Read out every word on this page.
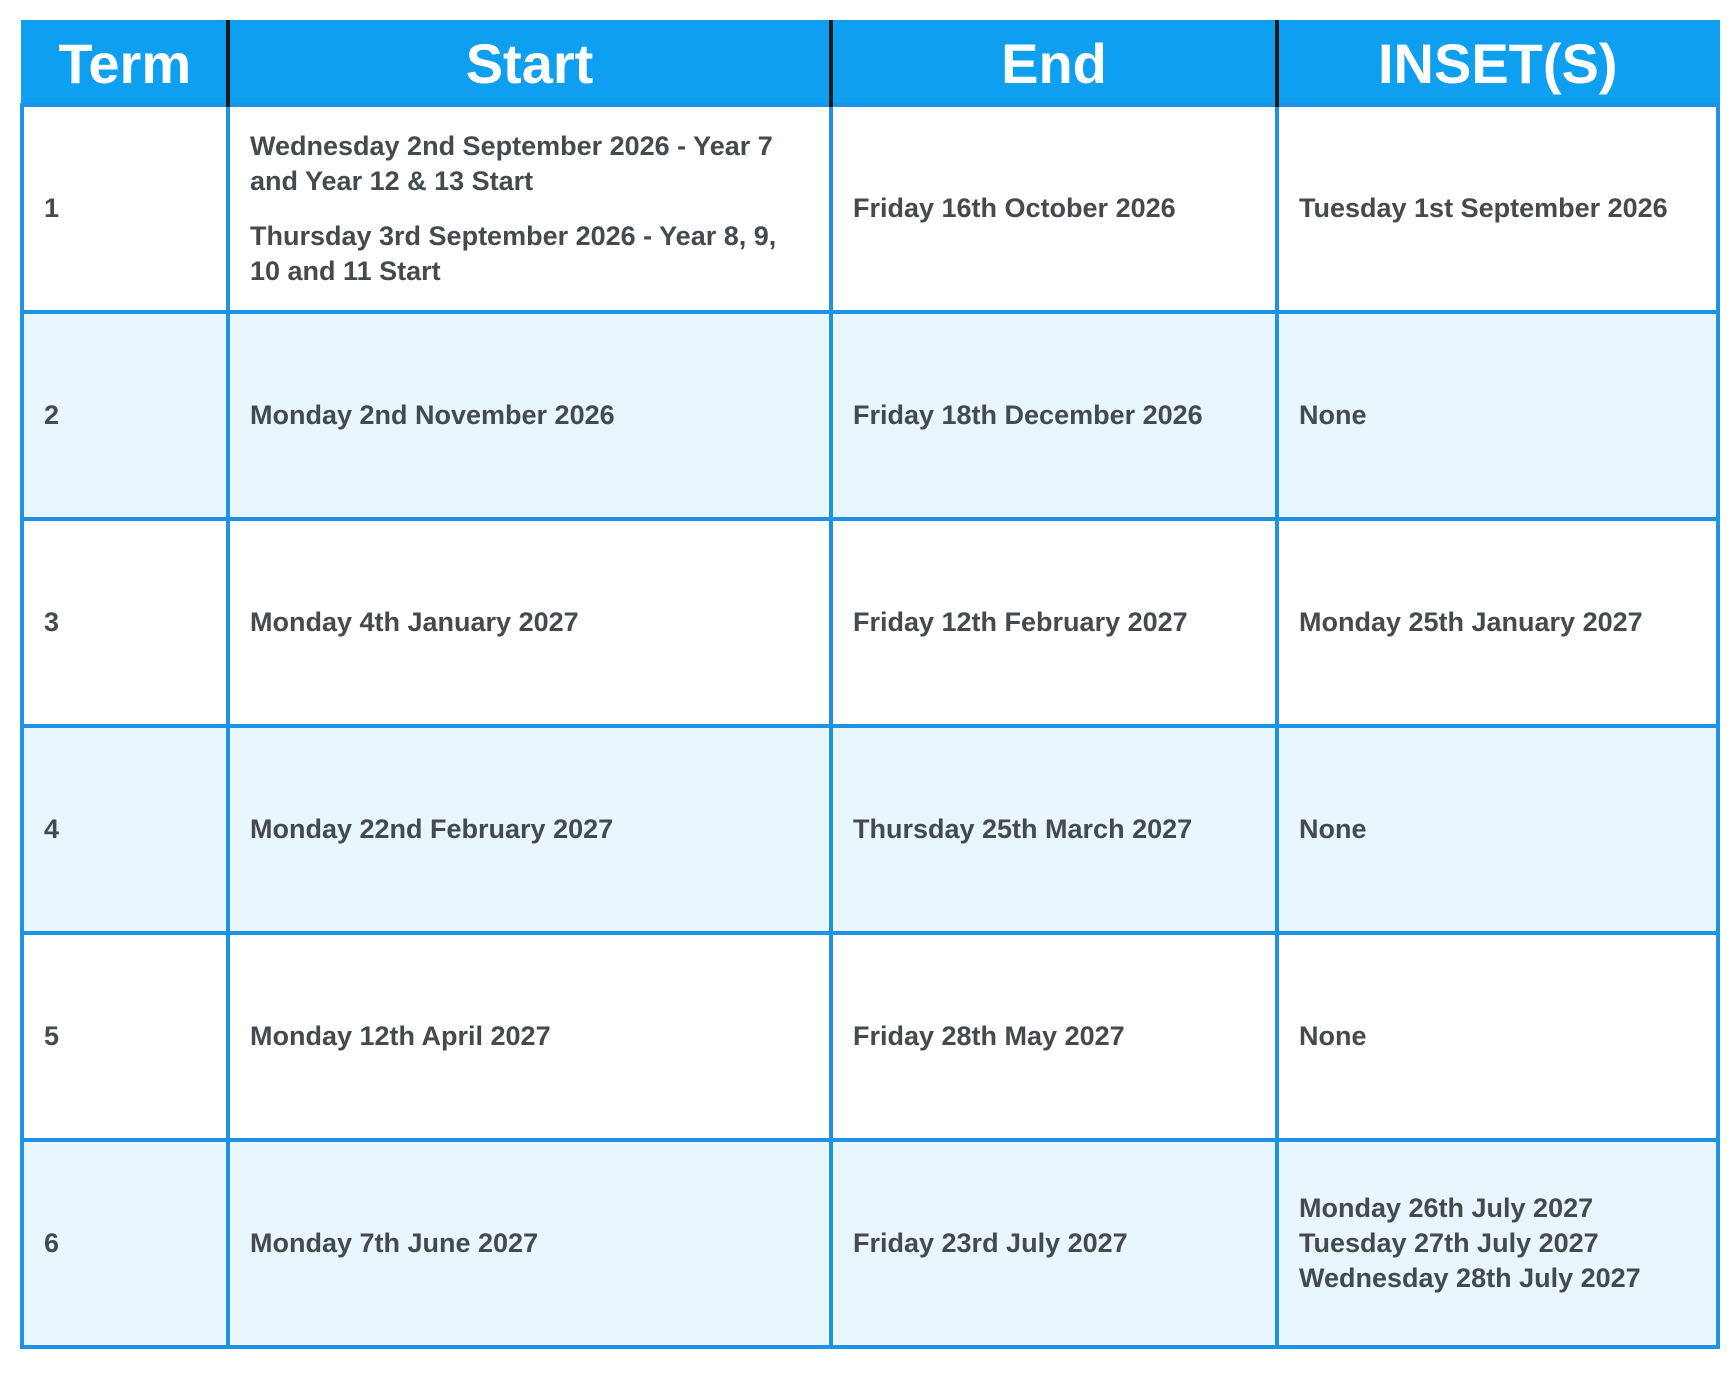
Term	Start	End	INSET(S)
1	Wednesday 2nd September 2026 - Year 7
and Year 12 & 13 Start
Thursday 3rd September 2026 - Year 8, 9,
10 and 11 Start	Friday 16th October 2026	Tuesday 1st September 2026

2	Monday 2nd November 2026	Friday 18th December 2026	None

3	Monday 4th January 2027	Friday 12th February 2027	Monday 25th January 2027

4	Monday 22nd February 2027	Thursday 25th March 2027	None

5	Monday 12th April 2027	Friday 28th May 2027	None

6	Monday 7th June 2027	Friday 23rd July 2027	Monday 26th July 2027
Tuesday 27th July 2027
Wednesday 28th July 2027
